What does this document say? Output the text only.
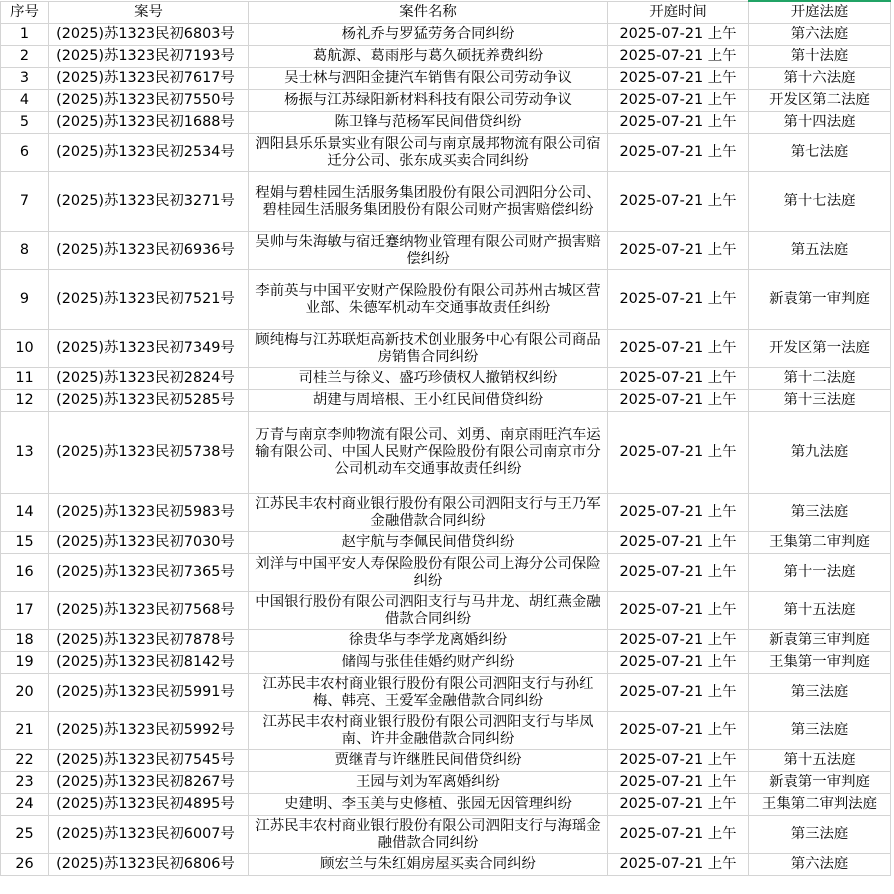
序号	案号	案件名称	开庭时间	开庭法庭
1	(2025)苏1323民初6803号	杨礼乔与罗猛劳务合同纠纷	2025-07-21 上午	第六法庭
2	(2025)苏1323民初7193号	葛航源、葛雨彤与葛久硕抚养费纠纷	2025-07-21 上午	第十法庭
3	(2025)苏1323民初7617号	吴士林与泗阳金捷汽车销售有限公司劳动争议	2025-07-21 上午	第十六法庭
4	(2025)苏1323民初7550号	杨振与江苏绿阳新材料科技有限公司劳动争议	2025-07-21 上午	开发区第二法庭
5	(2025)苏1323民初1688号	陈卫锋与范杨军民间借贷纠纷	2025-07-21 上午	第十四法庭
6	(2025)苏1323民初2534号	泗阳县乐乐景实业有限公司与南京晟邦物流有限公司宿迁分公司、张东成买卖合同纠纷	2025-07-21 上午	第七法庭
7	(2025)苏1323民初3271号	程娟与碧桂园生活服务集团股份有限公司泗阳分公司、碧桂园生活服务集团股份有限公司财产损害赔偿纠纷	2025-07-21 上午	第十七法庭
8	(2025)苏1323民初6936号	吴帅与朱海敏与宿迁蹇纳物业管理有限公司财产损害赔偿纠纷	2025-07-21 上午	第五法庭
9	(2025)苏1323民初7521号	李前英与中国平安财产保险股份有限公司苏州古城区营业部、朱德军机动车交通事故责任纠纷	2025-07-21 上午	新袁第一审判庭
10	(2025)苏1323民初7349号	顾纯梅与江苏联炬高新技术创业服务中心有限公司商品房销售合同纠纷	2025-07-21 上午	开发区第一法庭
11	(2025)苏1323民初2824号	司桂兰与徐义、盛巧珍债权人撤销权纠纷	2025-07-21 上午	第十二法庭
12	(2025)苏1323民初5285号	胡建与周培根、王小红民间借贷纠纷	2025-07-21 上午	第十三法庭
13	(2025)苏1323民初5738号	万青与南京李帅物流有限公司、刘勇、南京雨旺汽车运输有限公司、中国人民财产保险股份有限公司南京市分公司机动车交通事故责任纠纷	2025-07-21 上午	第九法庭
14	(2025)苏1323民初5983号	江苏民丰农村商业银行股份有限公司泗阳支行与王乃军金融借款合同纠纷	2025-07-21 上午	第三法庭
15	(2025)苏1323民初7030号	赵宇航与李佩民间借贷纠纷	2025-07-21 上午	王集第二审判庭
16	(2025)苏1323民初7365号	刘洋与中国平安人寿保险股份有限公司上海分公司保险纠纷	2025-07-21 上午	第十一法庭
17	(2025)苏1323民初7568号	中国银行股份有限公司泗阳支行与马井龙、胡红燕金融借款合同纠纷	2025-07-21 上午	第十五法庭
18	(2025)苏1323民初7878号	徐贵华与李学龙离婚纠纷	2025-07-21 上午	新袁第三审判庭
19	(2025)苏1323民初8142号	储闯与张佳佳婚约财产纠纷	2025-07-21 上午	王集第一审判庭
20	(2025)苏1323民初5991号	江苏民丰农村商业银行股份有限公司泗阳支行与孙红梅、韩亮、王爱军金融借款合同纠纷	2025-07-21 上午	第三法庭
21	(2025)苏1323民初5992号	江苏民丰农村商业银行股份有限公司泗阳支行与毕凤南、许井金融借款合同纠纷	2025-07-21 上午	第三法庭
22	(2025)苏1323民初7545号	贾继青与许继胜民间借贷纠纷	2025-07-21 上午	第十五法庭
23	(2025)苏1323民初8267号	王园与刘为军离婚纠纷	2025-07-21 上午	新袁第一审判庭
24	(2025)苏1323民初4895号	史建明、李玉美与史修植、张园无因管理纠纷	2025-07-21 上午	王集第二审判法庭
25	(2025)苏1323民初6007号	江苏民丰农村商业银行股份有限公司泗阳支行与海瑶金融借款合同纠纷	2025-07-21 上午	第三法庭
26	(2025)苏1323民初6806号	顾宏兰与朱红娟房屋买卖合同纠纷	2025-07-21 上午	第六法庭
